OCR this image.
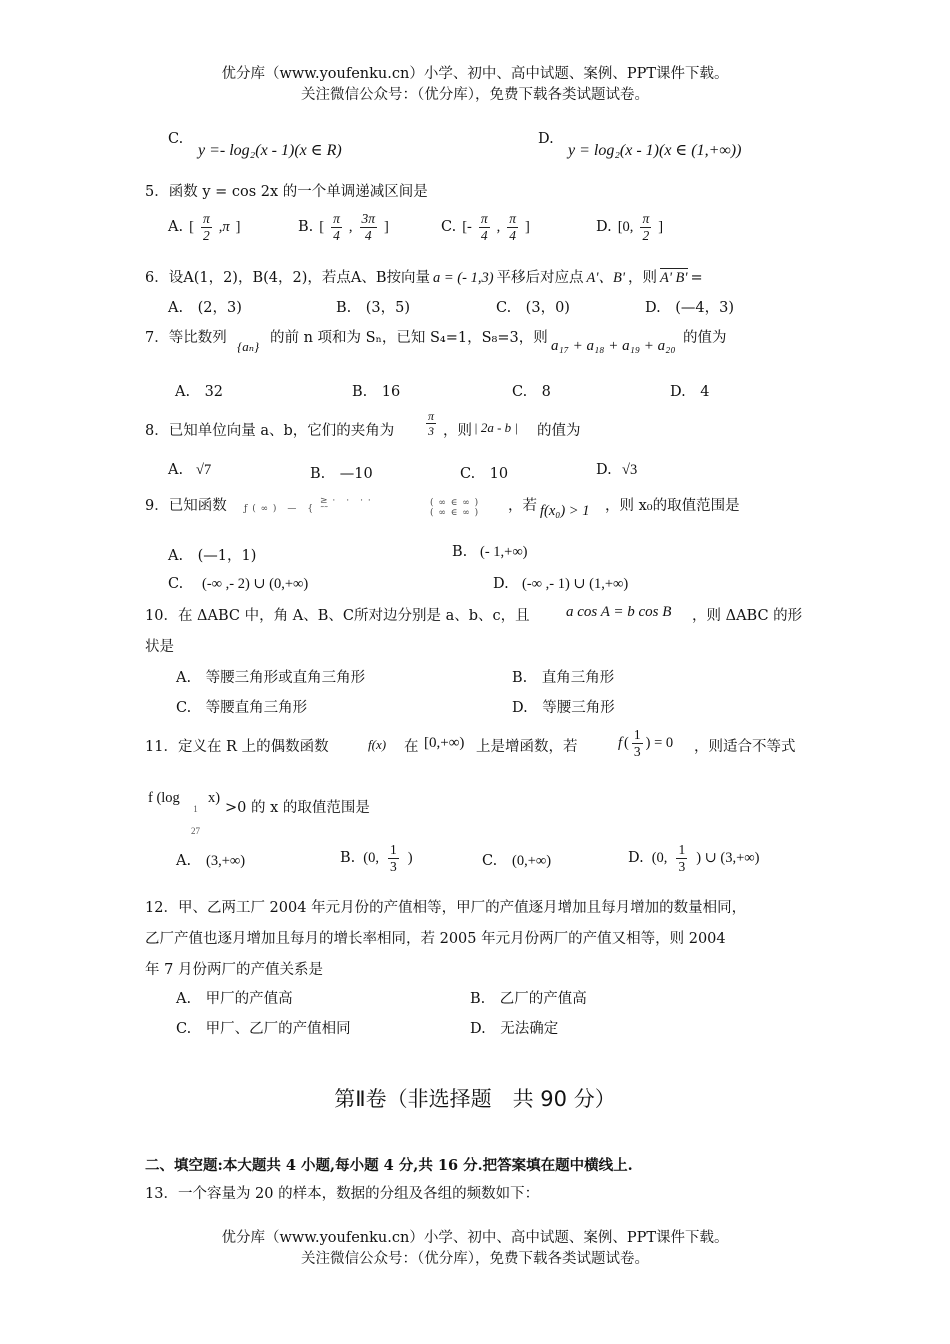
优分库（www.youfenku.cn）小学、初中、高中试题、案例、PPT课件下载。
关注微信公众号：（优分库），免费下载各类试题试卷。
C.
y =- log₂(x - 1)(x ∈ R)
D.
y = log₂(x - 1)(x ∈ (1,+∞))
5．函数 y = cos 2x 的一个单调递减区间是
A. [ $\frac{\pi}{2} ,\pi$ ]	B. [ $\frac{\pi}{4}$ , $\frac{3\pi}{4}$ ]	C. [- $\frac{\pi}{4}$ , $\frac{\pi}{4}$ ]	D. [0, $\frac{\pi}{2}$ ]
6．设A(1，2)，B(4，2)，若点A、B按向量 a = (- 1,3) 平移后对应点 A'、B' ，则 A' B' =
A.　(2，3)	B.　(3，5)	C.　(3，0)	D.　(—4，3)
7．等比数列
{aₙ}
的前 n 项和为 Sₙ，已知 S₄=1，S₈=3，则 a₁₇ + a₁₈ + a₁₉ + a₂₀ 的值为
A.　32	B.　16	C.　8	D.　4
8．已知单位向量 a、b，它们的夹角为	$\frac{\pi}{3}$ ，则 | 2a - b | 的值为
A. √7	B.　—10	C.　10	D. √3
9．已知函数 ƒ ( ∞ )　—　{
≥ ·　·　· ·
˜ ̃
( ∞ ∈ ∞ )
( ∞ ∈ ∞ ) ，若 f(x₀) > 1 ，则 x₀的取值范围是
A.　(—1，1)	B. (- 1,+∞)
C. (-∞ ,- 2) ∪ (0,+∞)	D. (-∞ ,- 1) ∪ (1,+∞)
10．在 ΔABC 中，角 A、B、C所对边分别是 a、b、c，且 a cos A = b cos B ，则 ΔABC 的形
状是
A.　等腰三角形或直角三角形	B.　直角三角形
C.　等腰直角三角形	D.　等腰三角形
11．定义在 R 上的偶数函数	f(x) 在 [0,+∞) 上是增函数，若	f ( $\frac{1}{3}$ ) = 0 ，则适合不等式
f (log
1

27
x)
>0 的 x 的取值范围是
A. (3,+∞)	B. (0, $\frac{1}{3}$ )	C. (0,+∞)	D. (0, $\frac{1}{3}$ ) ∪ (3,+∞)
12．甲、乙两工厂 2004 年元月份的产值相等，甲厂的产值逐月增加且每月增加的数量相同，
乙厂产值也逐月增加且每月的增长率相同，若 2005 年元月份两厂的产值又相等，则 2004
年 7 月份两厂的产值关系是
A.　甲厂的产值高	B.　乙厂的产值高
C.　甲厂、乙厂的产值相同	D.　无法确定
第Ⅱ卷（非选择题　共 90 分）
二、填空题:本大题共 4 小题,每小题 4 分,共 16 分.把答案填在题中横线上.
13．一个容量为 20 的样本，数据的分组及各组的频数如下：
优分库（www.youfenku.cn）小学、初中、高中试题、案例、PPT课件下载。
关注微信公众号：（优分库），免费下载各类试题试卷。
